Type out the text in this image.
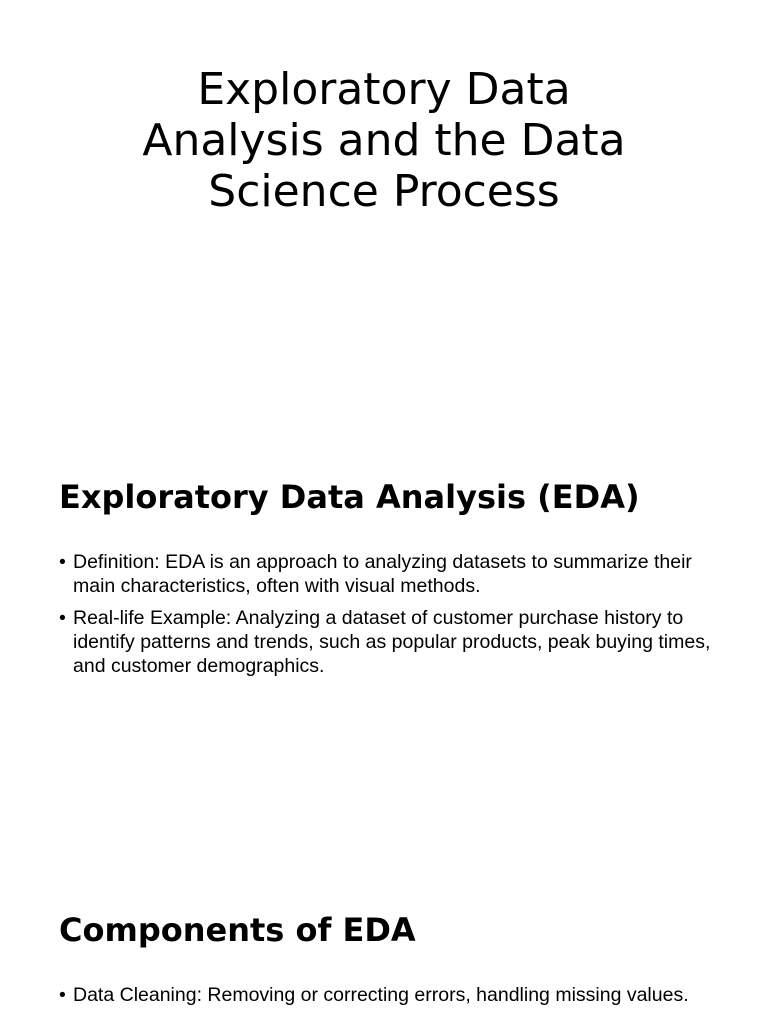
Exploratory Data Analysis and the Data Science Process
Exploratory Data Analysis (EDA)
• Definition: EDA is an approach to analyzing datasets to summarize their main characteristics, often with visual methods.
• Real-life Example: Analyzing a dataset of customer purchase history to identify patterns and trends, such as popular products, peak buying times, and customer demographics.
Components of EDA
• Data Cleaning: Removing or correcting errors, handling missing values.
